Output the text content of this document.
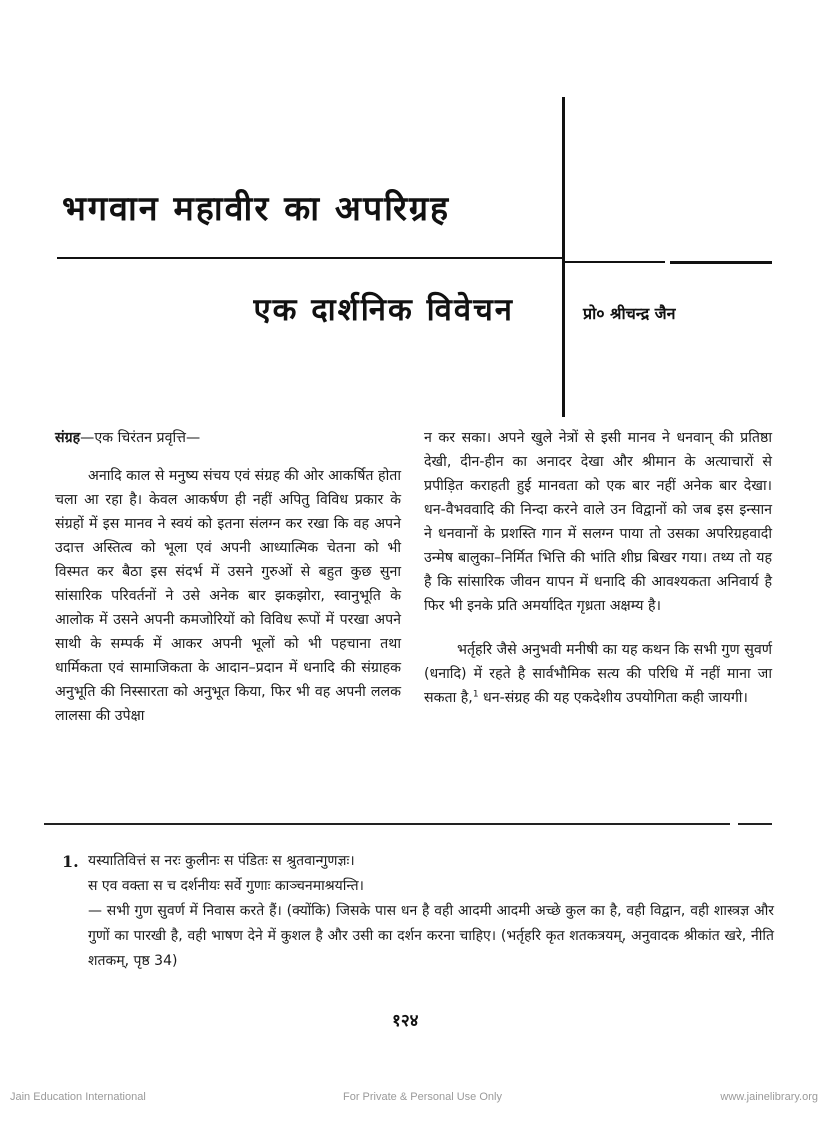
भगवान महावीर का अपरिग्रह
एक दार्शनिक विवेचन	प्रो० श्रीचन्द्र जैन

संग्रह—एक चिरंतन प्रवृत्ति—

अनादि काल से मनुष्य संचय एवं संग्रह की ओर आकर्षित होता चला आ रहा है। केवल आकर्षण ही नहीं अपितु विविध प्रकार के संग्रहों में इस मानव ने स्वयं को इतना संलग्न कर रखा कि वह अपने उदात्त अस्तित्व को भूला एवं अपनी आध्यात्मिक चेतना को भी विस्मत कर बैठा इस संदर्भ में उसने गुरुओं से बहुत कुछ सुना सांसारिक परिवर्तनों ने उसे अनेक बार झकझोरा, स्वानुभूति के आलोक में उसने अपनी कमजोरियों को विविध रूपों में परखा अपने साथी के सम्पर्क में आकर अपनी भूलों को भी पहचाना तथा धार्मिकता एवं सामाजिकता के आदान–प्रदान में धनादि की संग्राहक अनुभूति की निस्सारता को अनुभूत किया, फिर भी वह अपनी ललक लालसा की उपेक्षा

न कर सका। अपने खुले नेत्रों से इसी मानव ने धनवान् की प्रतिष्ठा देखी, दीन-हीन का अनादर देखा और श्रीमान के अत्याचारों से प्रपीड़ित कराहती हुई मानवता को एक बार नहीं अनेक बार देखा। धन-वैभववादि की निन्दा करने वाले उन विद्वानों को जब इस इन्सान ने धनवानों के प्रशस्ति गान में सलग्न पाया तो उसका अपरिग्रहवादी उन्मेष बालुका–निर्मित भित्ति की भांति शीघ्र बिखर गया। तथ्य तो यह है कि सांसारिक जीवन यापन में धनादि की आवश्यकता अनिवार्य है फिर भी इनके प्रति अमर्यादित गृध्रता अक्षम्य है।

भर्तृहरि जैसे अनुभवी मनीषी का यह कथन कि सभी गुण सुवर्ण (धनादि) में रहते है सार्वभौमिक सत्य की परिधि में नहीं माना जा सकता है,$^1$ धन-संग्रह की यह एकदेशीय उपयोगिता कही जायगी।

1. यस्यातिवित्तं स नरः कुलीनः स पंडितः स श्रुतवान्गुणज्ञः।

स एव वक्ता स च दर्शनीयः सर्वे गुणाः काञ्चनमाश्रयन्ति।

— सभी गुण सुवर्ण में निवास करते हैं। (क्योंकि) जिसके पास धन है वही आदमी आदमी अच्छे कुल का है, वही विद्वान, वही शास्त्रज्ञ और गुणों का पारखी है, वही भाषण देने में कुशल है और उसी का दर्शन करना चाहिए। (भर्तृहरि कृत शतकत्रयम्, अनुवादक श्रीकांत खरे, नीति शतकम्, पृष्ठ 34)

१२४
Jain Education International	For Private & Personal Use Only	www.jainelibrary.org
